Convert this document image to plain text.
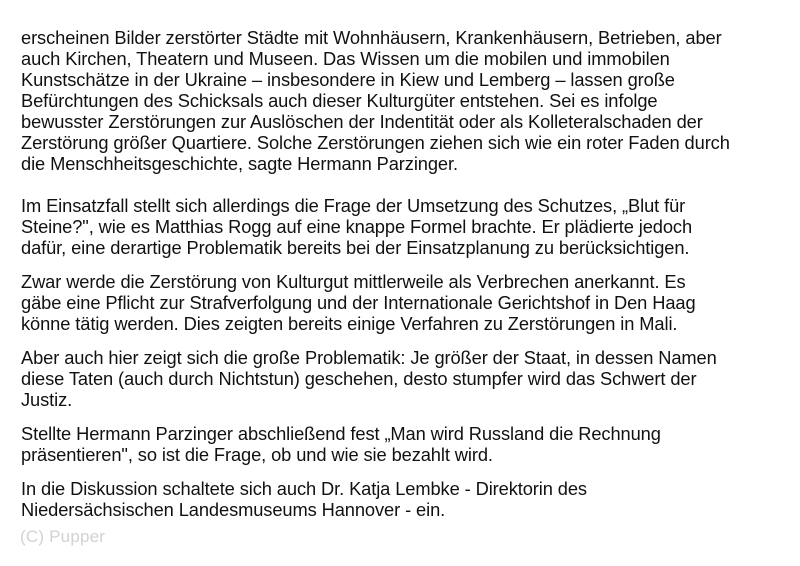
(C) Pupper

erscheinen Bilder zerstörter Städte mit Wohnhäusern, Krankenhäusern, Betrieben, aber
auch Kirchen, Theatern und Museen. Das Wissen um die mobilen und immobilen
Kunstschätze in der Ukraine – insbesondere in Kiew und Lemberg – lassen große
Befürchtungen des Schicksals auch dieser Kulturgüter entstehen. Sei es infolge
bewusster Zerstörungen zur Auslöschen der Indentität oder als Kolleteralschaden der
Zerstörung größer Quartiere. Solche Zerstörungen ziehen sich wie ein roter Faden durch
die Menschheitsgeschichte, sagte Hermann Parzinger.

Im Einsatzfall stellt sich allerdings die Frage der Umsetzung des Schutzes, „Blut für
Steine?", wie es Matthias Rogg auf eine knappe Formel brachte. Er plädierte jedoch
dafür, eine derartige Problematik bereits bei der Einsatzplanung zu berücksichtigen.

Zwar werde die Zerstörung von Kulturgut mittlerweile als Verbrechen anerkannt. Es
gäbe eine Pflicht zur Strafverfolgung und der Internationale Gerichtshof in Den Haag
könne tätig werden. Dies zeigten bereits einige Verfahren zu Zerstörungen in Mali.

Aber auch hier zeigt sich die große Problematik: Je größer der Staat, in dessen Namen
diese Taten (auch durch Nichtstun) geschehen, desto stumpfer wird das Schwert der
Justiz.

Stellte Hermann Parzinger abschließend fest „Man wird Russland die Rechnung
präsentieren", so ist die Frage, ob und wie sie bezahlt wird.

In die Diskussion schaltete sich auch Dr. Katja Lembke - Direktorin des
Niedersächsischen Landesmuseums Hannover - ein.
